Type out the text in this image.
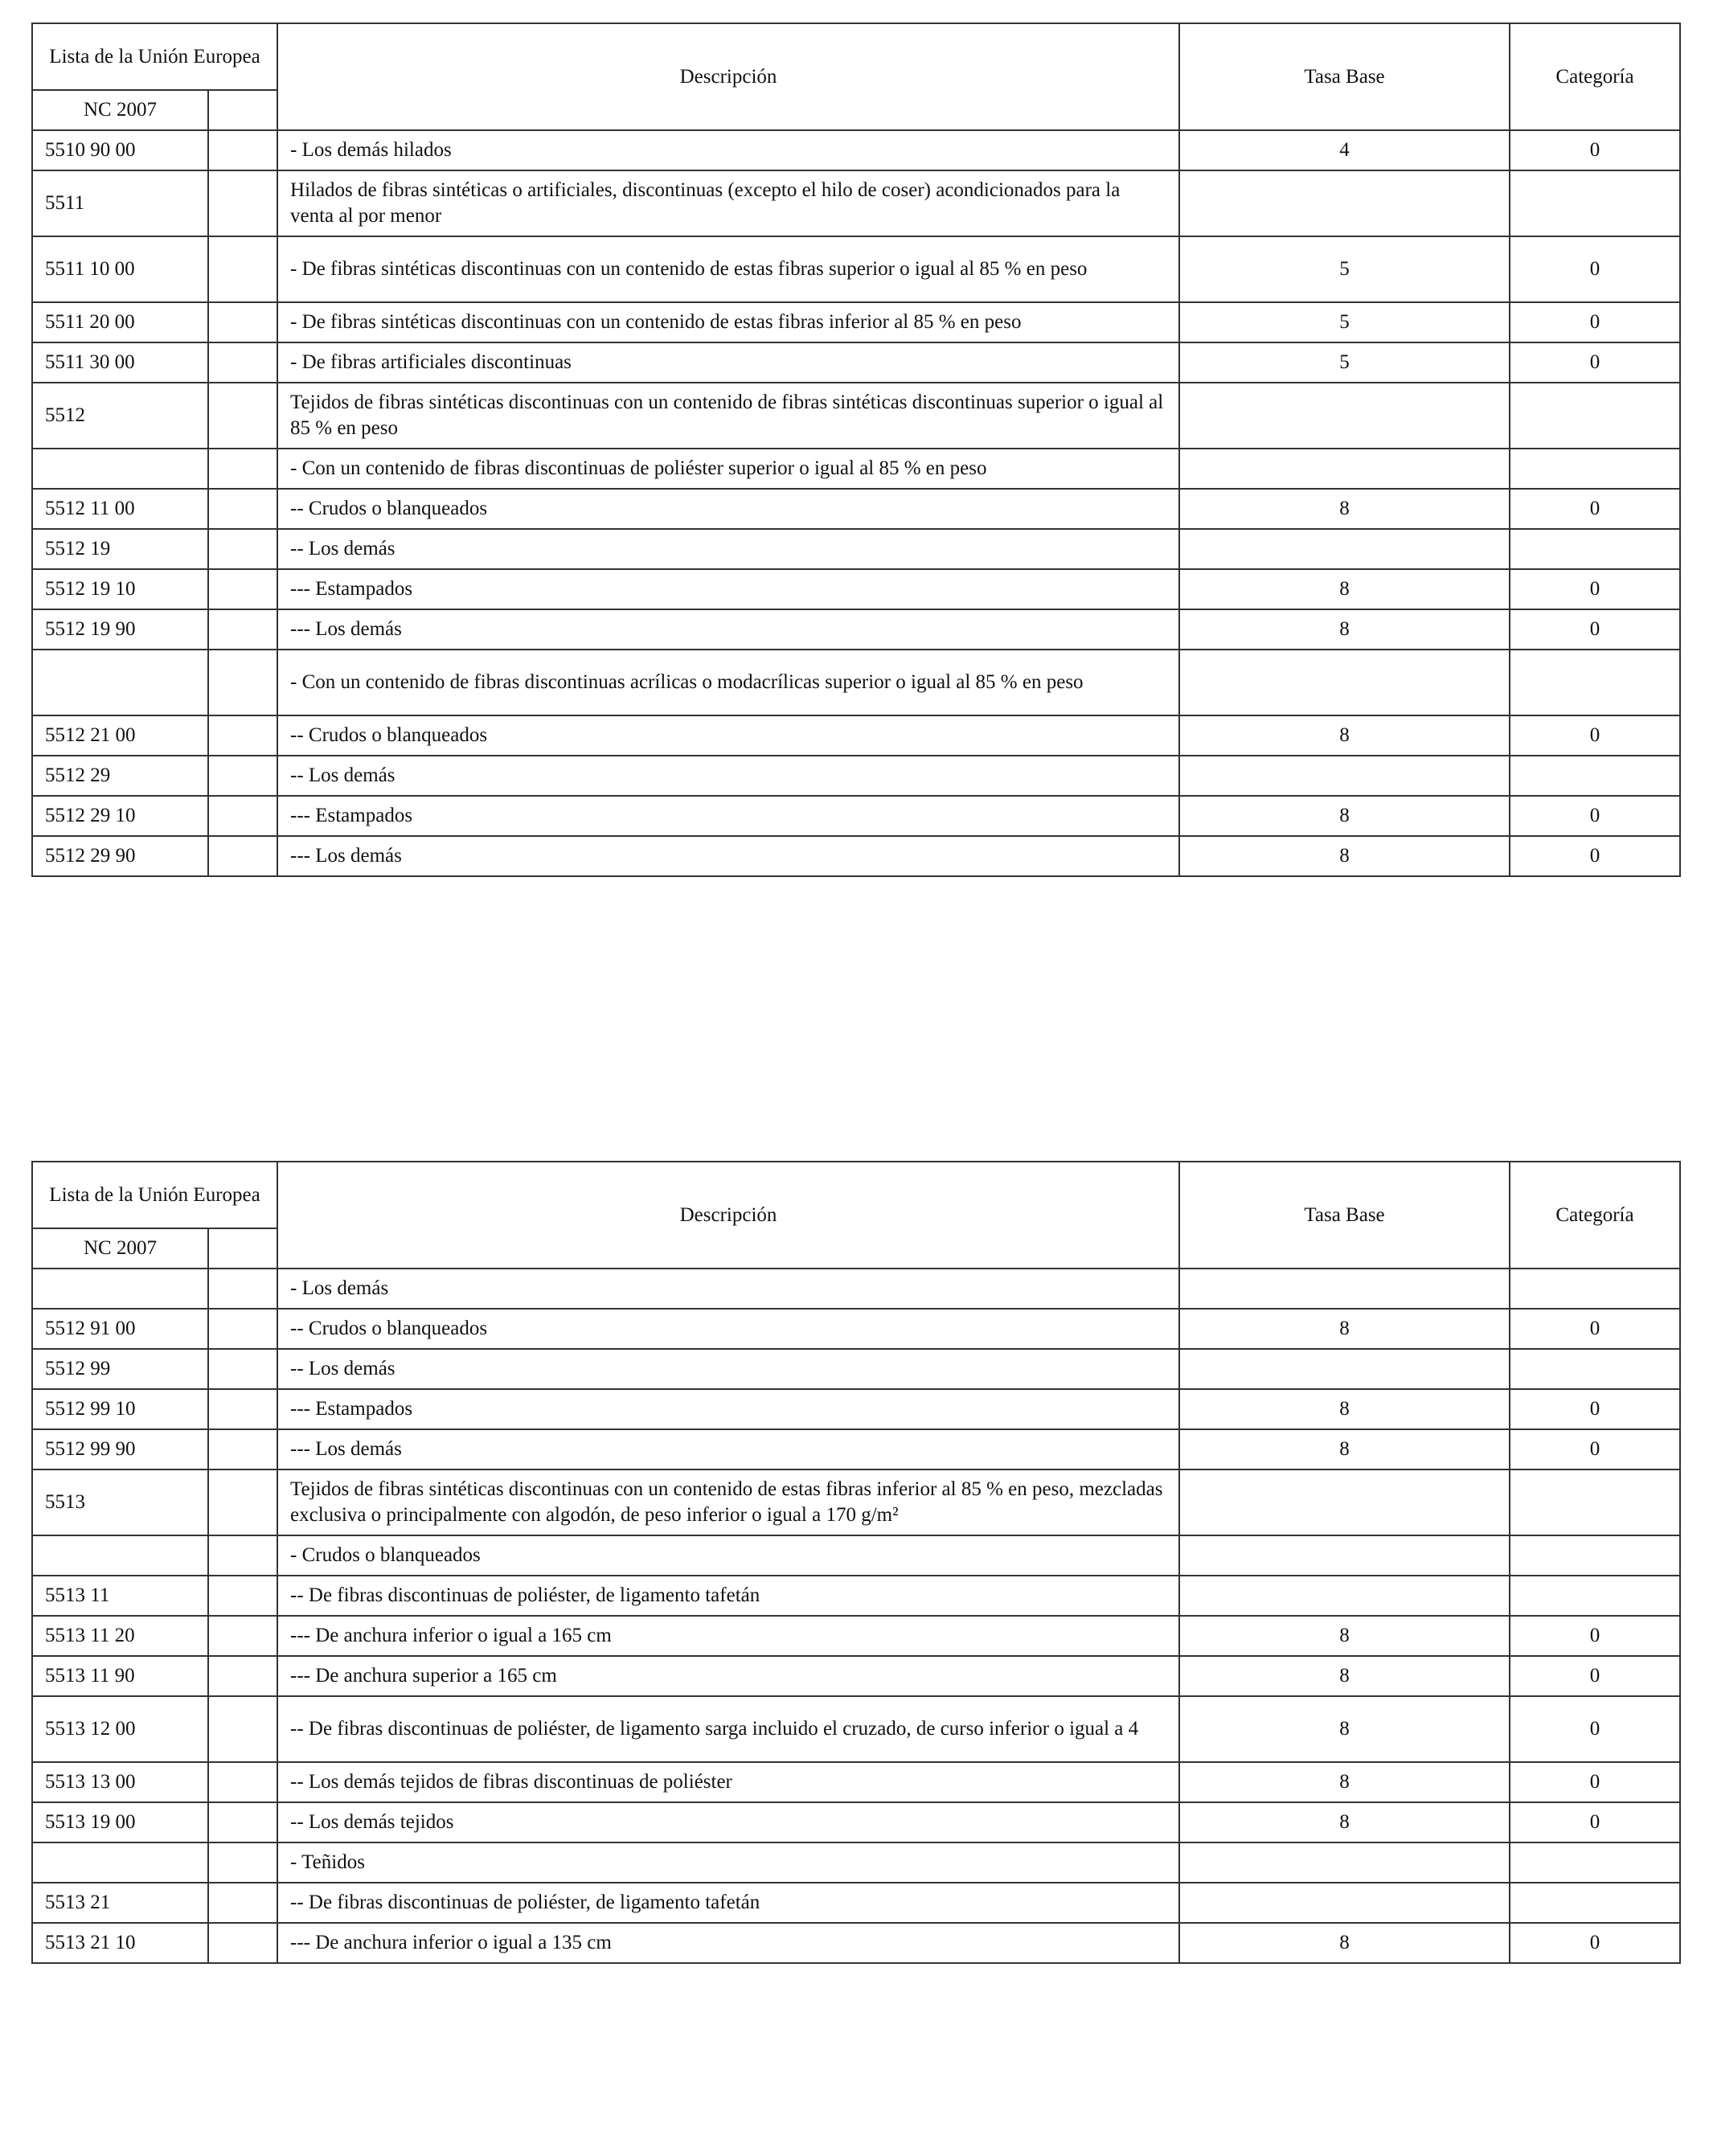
Lista de la Unión Europea		Descripción	Tasa Base	Categoría
NC 2007				
5510 90 00		- Los demás hilados	4	0
5511		Hilados de fibras sintéticas o artificiales, discontinuas (excepto el hilo de coser) acondicionados para la venta al por menor		
5511 10 00		- De fibras sintéticas discontinuas con un contenido de estas fibras superior o igual al 85 % en peso	5	0
5511 20 00		- De fibras sintéticas discontinuas con un contenido de estas fibras inferior al 85 % en peso	5	0
5511 30 00		- De fibras artificiales discontinuas	5	0
5512		Tejidos de fibras sintéticas discontinuas con un contenido de fibras sintéticas discontinuas superior o igual al 85 % en peso		
		- Con un contenido de fibras discontinuas de poliéster superior o igual al 85 % en peso		
5512 11 00		-- Crudos o blanqueados	8	0
5512 19		-- Los demás		
5512 19 10		--- Estampados	8	0
5512 19 90		--- Los demás	8	0
		- Con un contenido de fibras discontinuas acrílicas o modacrílicas superior o igual al 85 % en peso		
5512 21 00		-- Crudos o blanqueados	8	0
5512 29		-- Los demás		
5512 29 10		--- Estampados	8	0
5512 29 90		--- Los demás	8	0
Lista de la Unión Europea		Descripción	Tasa Base	Categoría
NC 2007				
		- Los demás		
5512 91 00		-- Crudos o blanqueados	8	0
5512 99		-- Los demás		
5512 99 10		--- Estampados	8	0
5512 99 90		--- Los demás	8	0
5513		Tejidos de fibras sintéticas discontinuas con un contenido de estas fibras inferior al 85 % en peso, mezcladas exclusiva o principalmente con algodón, de peso inferior o igual a 170 g/m²		
		- Crudos o blanqueados		
5513 11		-- De fibras discontinuas de poliéster, de ligamento tafetán		
5513 11 20		--- De anchura inferior o igual a 165 cm	8	0
5513 11 90		--- De anchura superior a 165 cm	8	0
5513 12 00		-- De fibras discontinuas de poliéster, de ligamento sarga incluido el cruzado, de curso inferior o igual a 4	8	0
5513 13 00		-- Los demás tejidos de fibras discontinuas de poliéster	8	0
5513 19 00		-- Los demás tejidos	8	0
		- Teñidos		
5513 21		-- De fibras discontinuas de poliéster, de ligamento tafetán		
5513 21 10		--- De anchura inferior o igual a 135 cm	8	0
